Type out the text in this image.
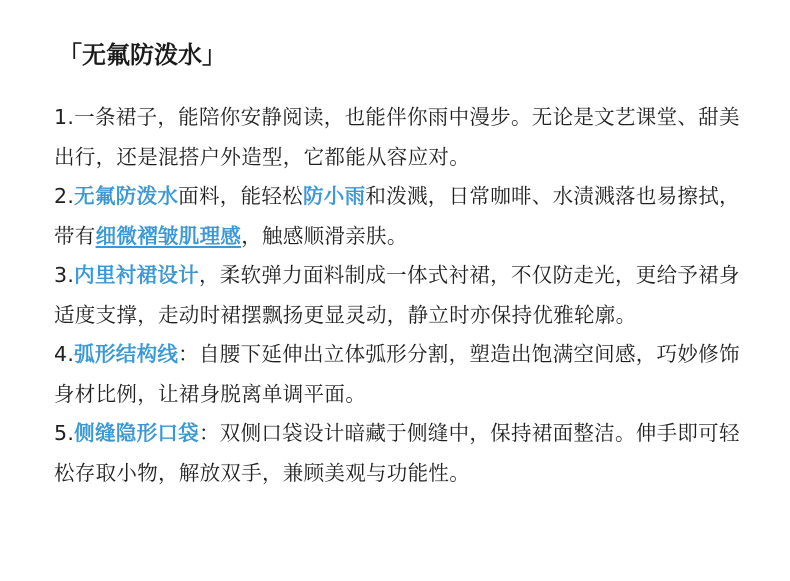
「无氟防泼水」
1.一条裙子，能陪你安静阅读，也能伴你雨中漫步。无论是文艺课堂、甜美出行，还是混搭户外造型，它都能从容应对。
2.无氟防泼水面料，能轻松防小雨和泼溅，日常咖啡、水渍溅落也易擦拭，带有细微褶皱肌理感，触感顺滑亲肤。
3.内里衬裙设计，柔软弹力面料制成一体式衬裙，不仅防走光，更给予裙身适度支撑，走动时裙摆飘扬更显灵动，静立时亦保持优雅轮廓。
4.弧形结构线：自腰下延伸出立体弧形分割，塑造出饱满空间感，巧妙修饰身材比例，让裙身脱离单调平面。
5.侧缝隐形口袋：双侧口袋设计暗藏于侧缝中，保持裙面整洁。伸手即可轻松存取小物，解放双手，兼顾美观与功能性。
